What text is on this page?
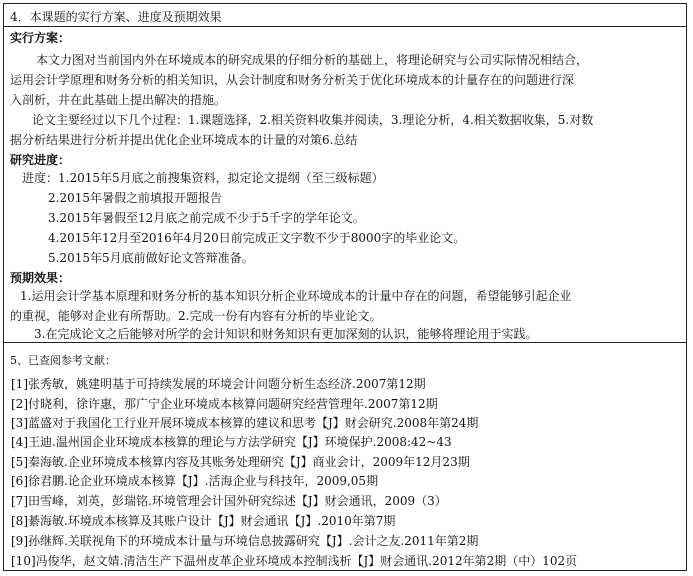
4．本课题的实行方案、进度及预期效果
实行方案：
本文力图对当前国内外在环境成本的研究成果的仔细分析的基础上，将理论研究与公司实际情况相结合，
运用会计学原理和财务分析的相关知识，从会计制度和财务分析关于优化环境成本的计量存在的问题进行深
入剖析，并在此基础上提出解决的措施。
论文主要经过以下几个过程：1.课题选择，2.相关资料收集并阅读，3.理论分析，4.相关数据收集，5.对数
据分析结果进行分析并提出优化企业环境成本的计量的对策6.总结
研究进度：
进度：1.2015年5月底之前搜集资料，拟定论文提纲（至三级标题）
2.2015年暑假之前填报开题报告
3.2015年暑假至12月底之前完成不少于5千字的学年论文。
4.2015年12月至2016年4月20日前完成正文字数不少于8000字的毕业论文。
5.2015年5月底前做好论文答辩准备。
预期效果：
1.运用会计学基本原理和财务分析的基本知识分析企业环境成本的计量中存在的问题，希望能够引起企业
的重视，能够对企业有所帮助。2.完成一份有内容有分析的毕业论文。
3.在完成论文之后能够对所学的会计知识和财务知识有更加深刻的认识，能够将理论用于实践。
5、已查阅参考文献：
[1]张秀敏，姚建明基于可持续发展的环境会计问题分析生态经济.2007第12期
[2]付晓利，徐许惠，那广宁企业环境成本核算问题研究经营管理年.2007第12期
[3]蓝盛对于我国化工行业开展环境成本核算的建议和思考【J】财会研究.2008年第24期
[4]王迪.温州国企业环境成本核算的理论与方法学研究【J】环境保护.2008:42~43
[5]秦海敏.企业环境成本核算内容及其账务处理研究【J】商业会计，2009年12月23期
[6]徐君鹏.论企业环境成本核算【J】.活海企业与科技年，2009,05期
[7]田雪峰，刘英，彭瑞铭.环境管理会计国外研究综述【J】财会通讯，2009（3）
[8]綦海敏.环境成本核算及其账户设计【J】财会通讯【J】.2010年第7期
[9]孙继辉.关联视角下的环境成本计量与环境信息披露研究【J】.会计之友.2011年第2期
[10]冯俊华，赵文婧.清洁生产下温州皮革企业环境成本控制浅析【J】财会通讯.2012年第2期（中）102页
